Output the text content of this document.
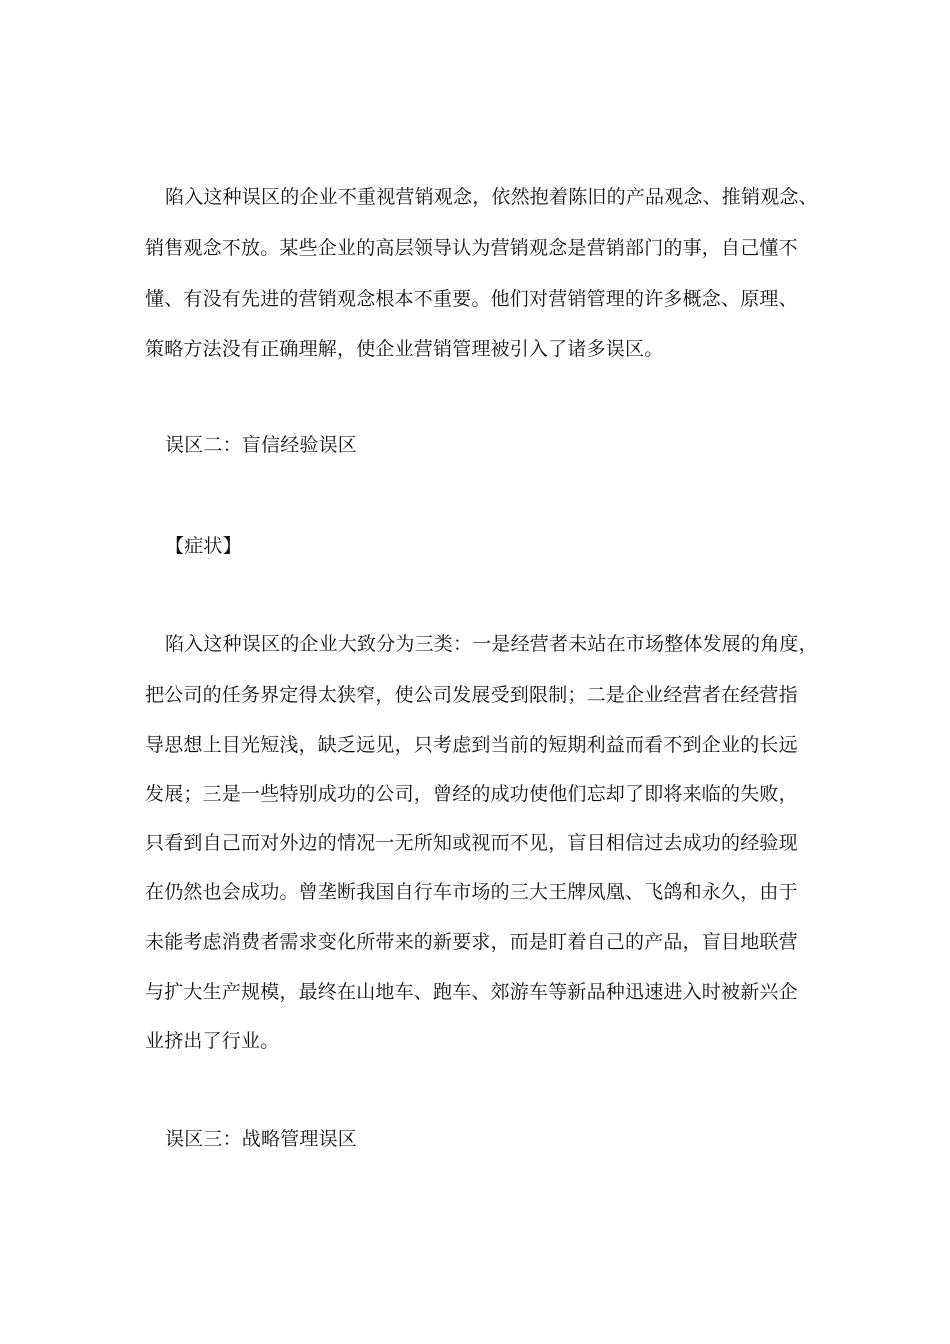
陷入这种误区的企业不重视营销观念，依然抱着陈旧的产品观念、推销观念、
销售观念不放。某些企业的高层领导认为营销观念是营销部门的事，自己懂不
懂、有没有先进的营销观念根本不重要。他们对营销管理的许多概念、原理、
策略方法没有正确理解，使企业营销管理被引入了诸多误区。
误区二：盲信经验误区
【症状】
陷入这种误区的企业大致分为三类：一是经营者未站在市场整体发展的角度，
把公司的任务界定得太狭窄，使公司发展受到限制；二是企业经营者在经营指
导思想上目光短浅，缺乏远见，只考虑到当前的短期利益而看不到企业的长远
发展；三是一些特别成功的公司，曾经的成功使他们忘却了即将来临的失败，
只看到自己而对外边的情况一无所知或视而不见，盲目相信过去成功的经验现
在仍然也会成功。曾垄断我国自行车市场的三大王牌凤凰、飞鸽和永久，由于
未能考虑消费者需求变化所带来的新要求，而是盯着自己的产品，盲目地联营
与扩大生产规模，最终在山地车、跑车、郊游车等新品种迅速进入时被新兴企
业挤出了行业。
误区三：战略管理误区
